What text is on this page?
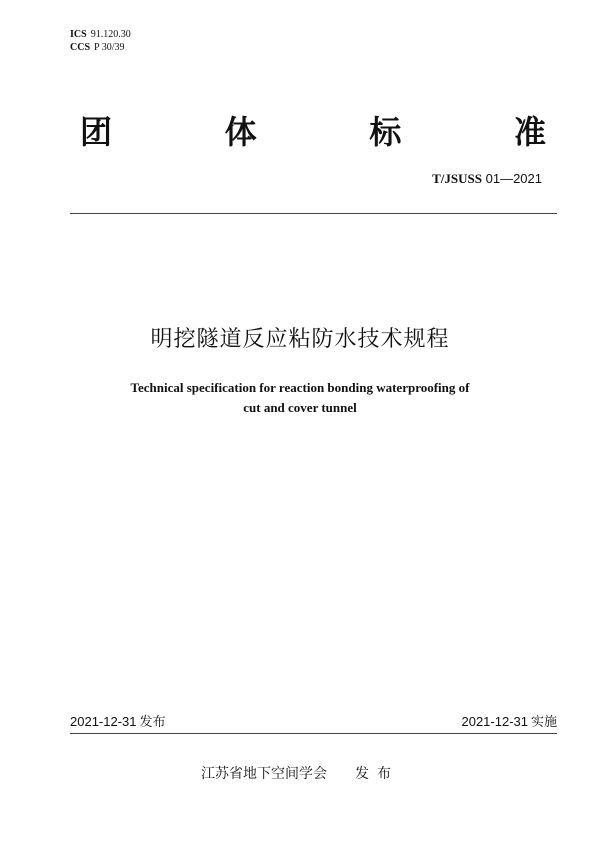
ICS 91.120.30
CCS P 30/39
团	体	标	准
T/JSUSS 01—2021
明挖隧道反应粘防水技术规程
Technical specification for reaction bonding waterproofing of
cut and cover tunnel
2021-12-31 发布	2021-12-31 实施
江苏省地下空间学会 发布
